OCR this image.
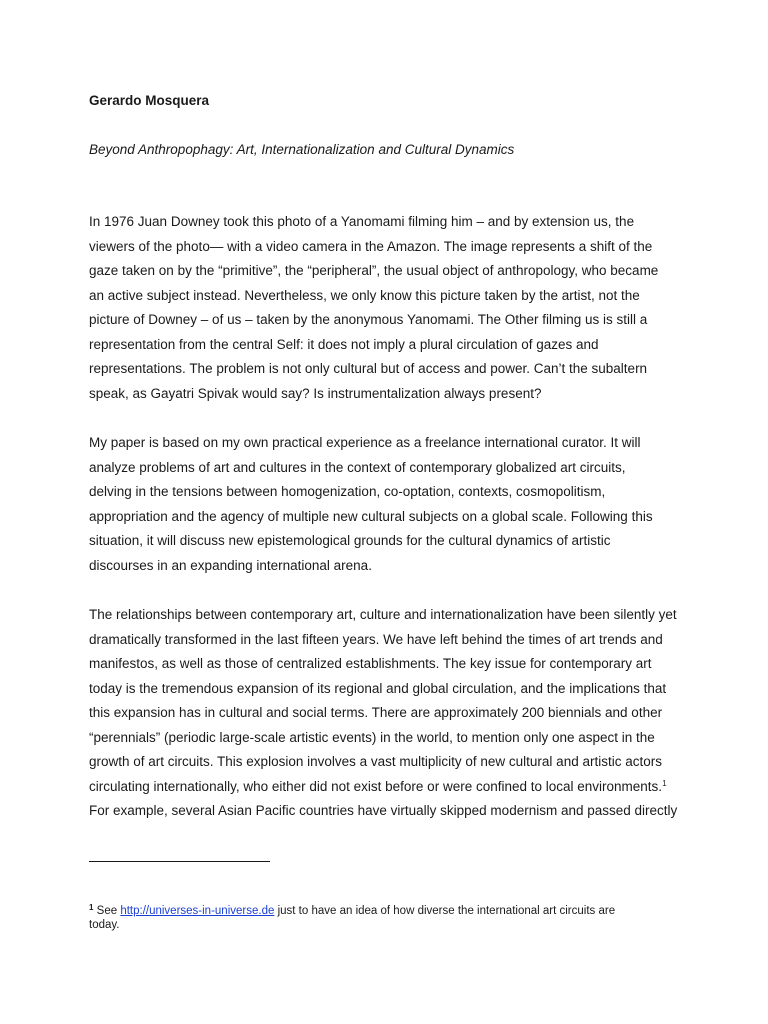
Gerardo Mosquera
Beyond Anthropophagy: Art, Internationalization and Cultural Dynamics
In 1976 Juan Downey took this photo of a Yanomami filming him – and by extension us, the
viewers of the photo— with a video camera in the Amazon. The image represents a shift of the
gaze taken on by the “primitive”, the “peripheral”, the usual object of anthropology, who became
an active subject instead. Nevertheless, we only know this picture taken by the artist, not the
picture of Downey – of us – taken by the anonymous Yanomami. The Other filming us is still a
representation from the central Self: it does not imply a plural circulation of gazes and
representations. The problem is not only cultural but of access and power. Can’t the subaltern
speak, as Gayatri Spivak would say? Is instrumentalization always present?
My paper is based on my own practical experience as a freelance international curator. It will
analyze problems of art and cultures in the context of contemporary globalized art circuits,
delving in the tensions between homogenization, co-optation, contexts, cosmopolitism,
appropriation and the agency of multiple new cultural subjects on a global scale. Following this
situation, it will discuss new epistemological grounds for the cultural dynamics of artistic
discourses in an expanding international arena.
The relationships between contemporary art, culture and internationalization have been silently yet
dramatically transformed in the last fifteen years. We have left behind the times of art trends and
manifestos, as well as those of centralized establishments. The key issue for contemporary art
today is the tremendous expansion of its regional and global circulation, and the implications that
this expansion has in cultural and social terms. There are approximately 200 biennials and other
“perennials” (periodic large-scale artistic events) in the world, to mention only one aspect in the
growth of art circuits. This explosion involves a vast multiplicity of new cultural and artistic actors
circulating internationally, who either did not exist before or were confined to local environments.$^1$
For example, several Asian Pacific countries have virtually skipped modernism and passed directly
$^1$ See http://universes-in-universe.de just to have an idea of how diverse the international art circuits are
today.
